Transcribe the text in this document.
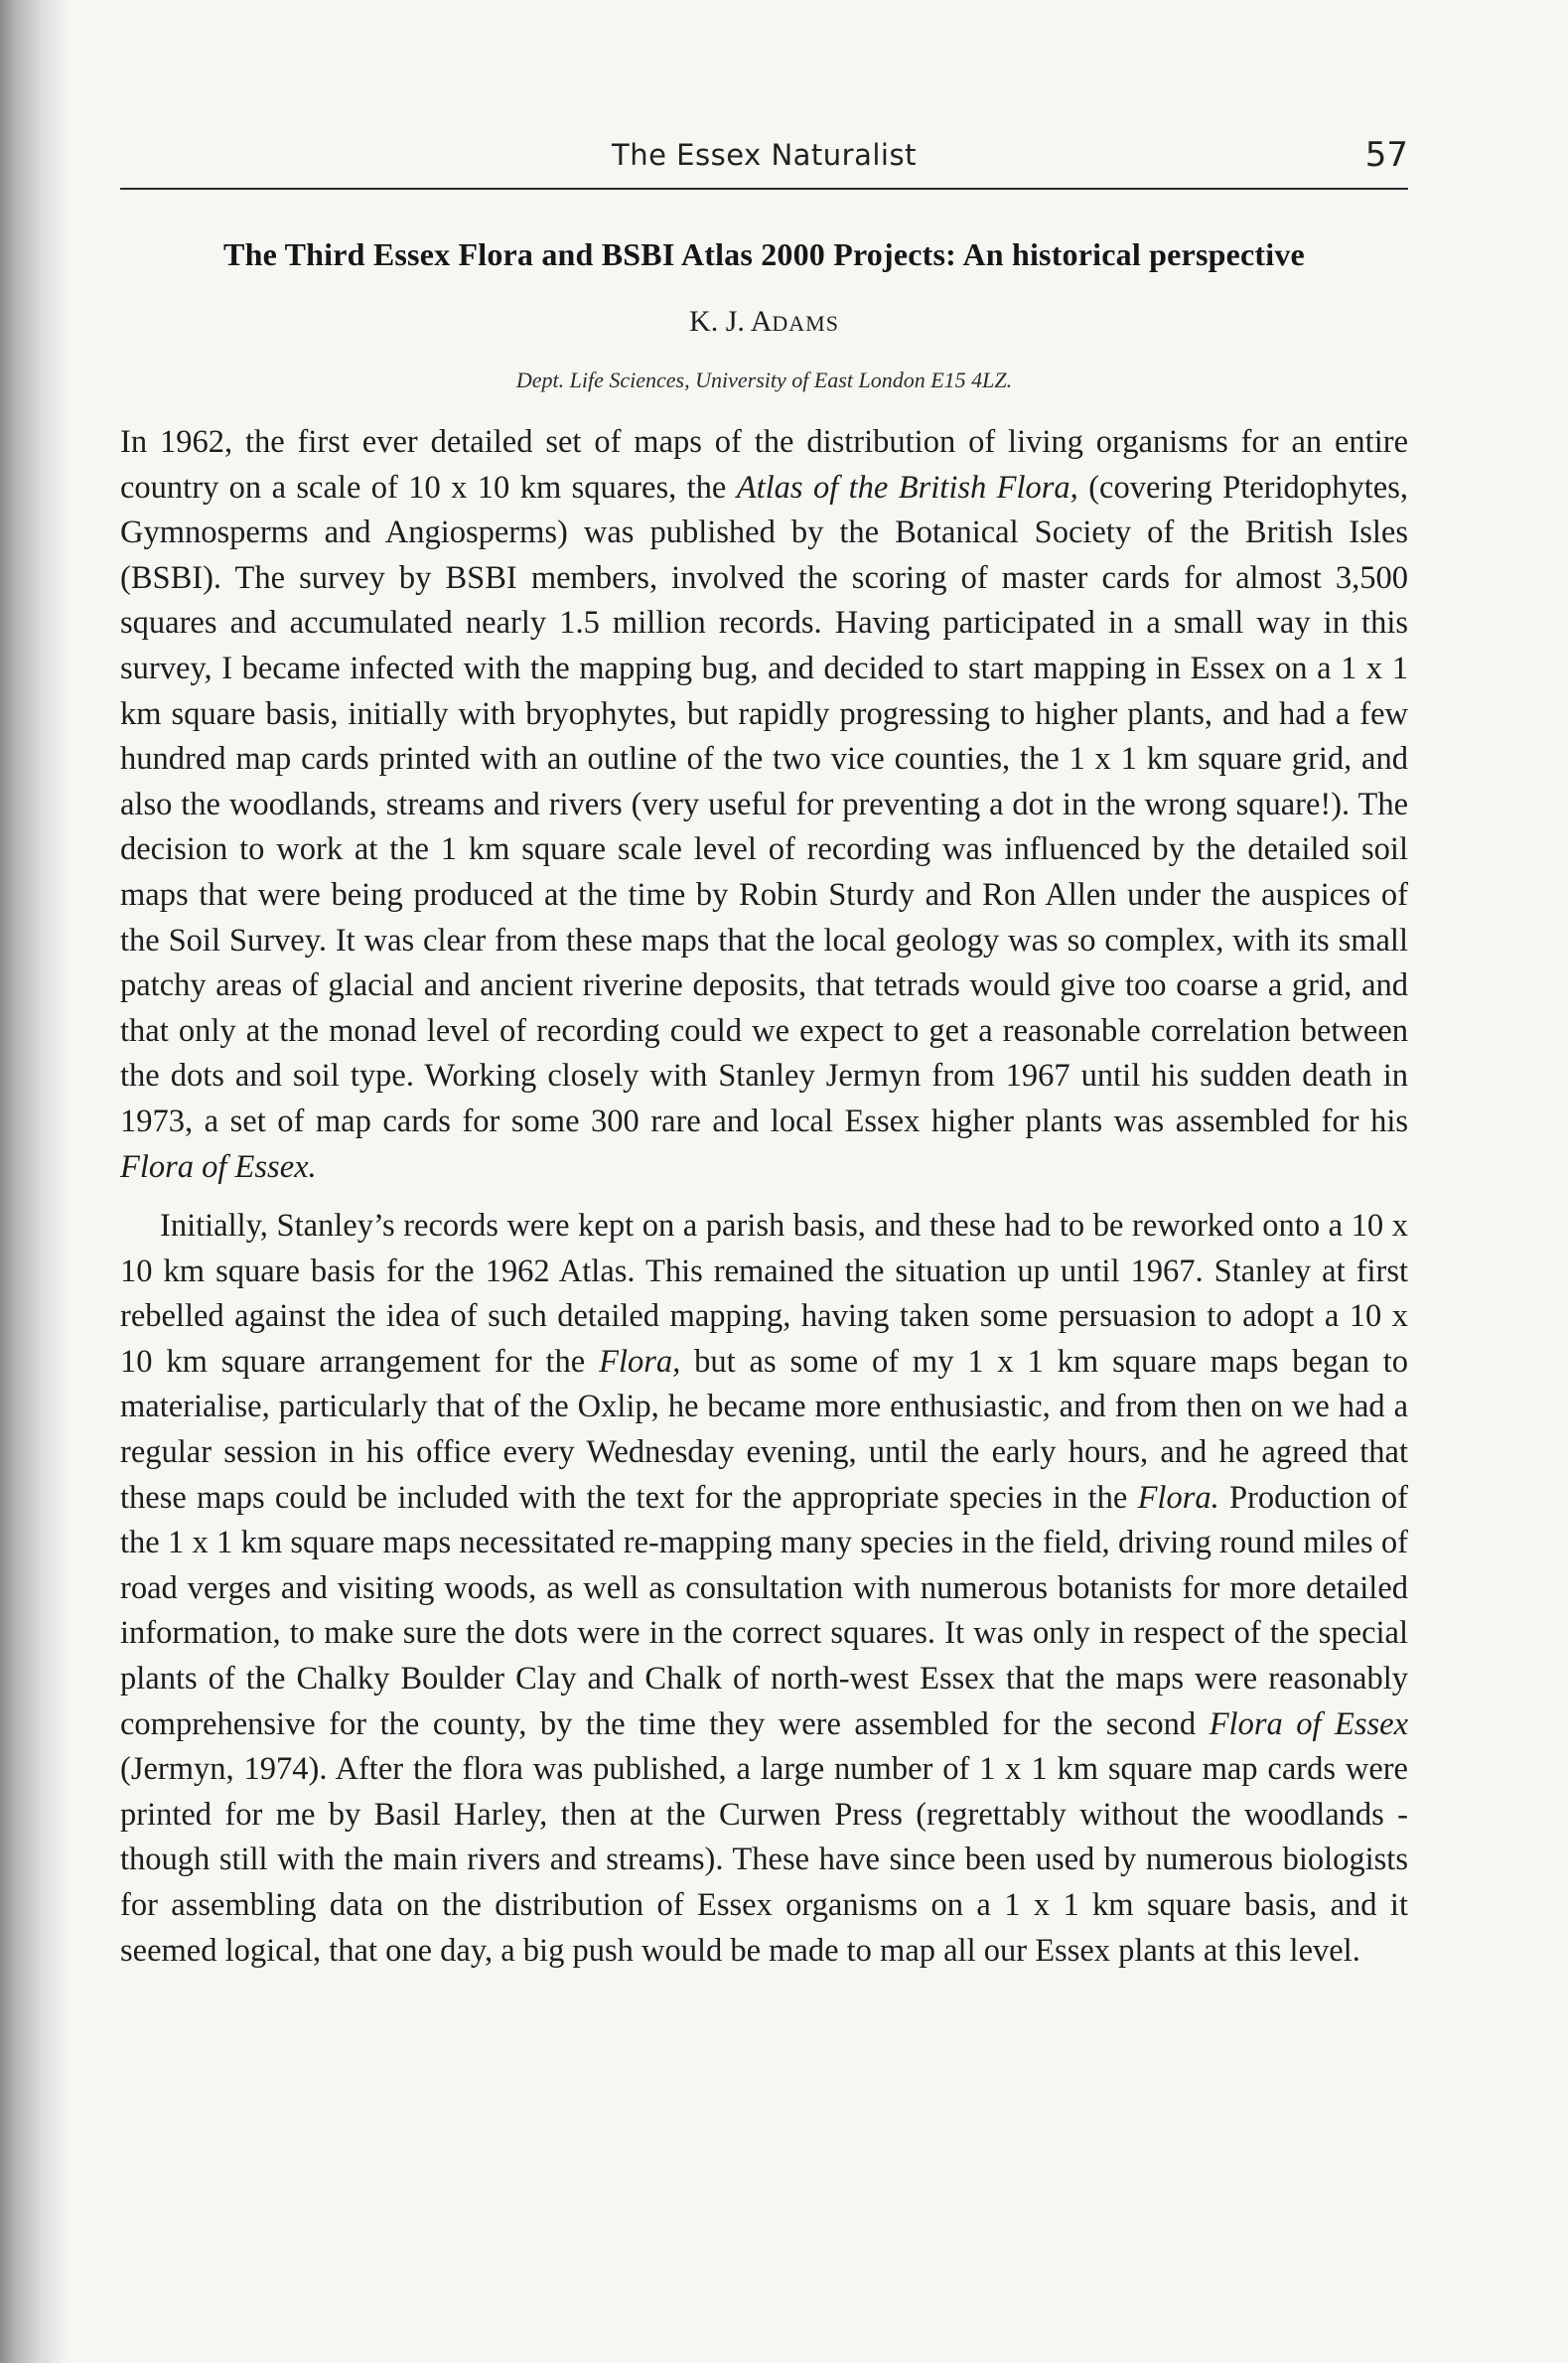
The Essex Naturalist	57
The Third Essex Flora and BSBI Atlas 2000 Projects: An historical perspective
K. J. ADAMS
Dept. Life Sciences, University of East London E15 4LZ.

In 1962, the first ever detailed set of maps of the distribution of living organisms for an entire country on a scale of 10 x 10 km squares, the Atlas of the British Flora, (covering Pteridophytes, Gymnosperms and Angiosperms) was published by the Botanical Society of the British Isles (BSBI). The survey by BSBI members, involved the scoring of master cards for almost 3,500 squares and accumulated nearly 1.5 million records. Having participated in a small way in this survey, I became infected with the mapping bug, and decided to start mapping in Essex on a 1 x 1 km square basis, initially with bryophytes, but rapidly progressing to higher plants, and had a few hundred map cards printed with an outline of the two vice counties, the 1 x 1 km square grid, and also the woodlands, streams and rivers (very useful for preventing a dot in the wrong square!). The decision to work at the 1 km square scale level of recording was influenced by the detailed soil maps that were being produced at the time by Robin Sturdy and Ron Allen under the auspices of the Soil Survey. It was clear from these maps that the local geology was so complex, with its small patchy areas of glacial and ancient riverine deposits, that tetrads would give too coarse a grid, and that only at the monad level of recording could we expect to get a reasonable correlation between the dots and soil type. Working closely with Stanley Jermyn from 1967 until his sudden death in 1973, a set of map cards for some 300 rare and local Essex higher plants was assembled for his Flora of Essex.

Initially, Stanley’s records were kept on a parish basis, and these had to be reworked onto a 10 x 10 km square basis for the 1962 Atlas. This remained the situation up until 1967. Stanley at first rebelled against the idea of such detailed mapping, having taken some persuasion to adopt a 10 x 10 km square arrangement for the Flora, but as some of my 1 x 1 km square maps began to materialise, particularly that of the Oxlip, he became more enthusiastic, and from then on we had a regular session in his office every Wednesday evening, until the early hours, and he agreed that these maps could be included with the text for the appropriate species in the Flora. Production of the 1 x 1 km square maps necessitated re-mapping many species in the field, driving round miles of road verges and visiting woods, as well as consultation with numerous botanists for more detailed information, to make sure the dots were in the correct squares. It was only in respect of the special plants of the Chalky Boulder Clay and Chalk of north-west Essex that the maps were reasonably comprehensive for the county, by the time they were assembled for the second Flora of Essex (Jermyn, 1974). After the flora was published, a large number of 1 x 1 km square map cards were printed for me by Basil Harley, then at the Curwen Press (regrettably without the woodlands - though still with the main rivers and streams). These have since been used by numerous biologists for assembling data on the distribution of Essex organisms on a 1 x 1 km square basis, and it seemed logical, that one day, a big push would be made to map all our Essex plants at this level.
